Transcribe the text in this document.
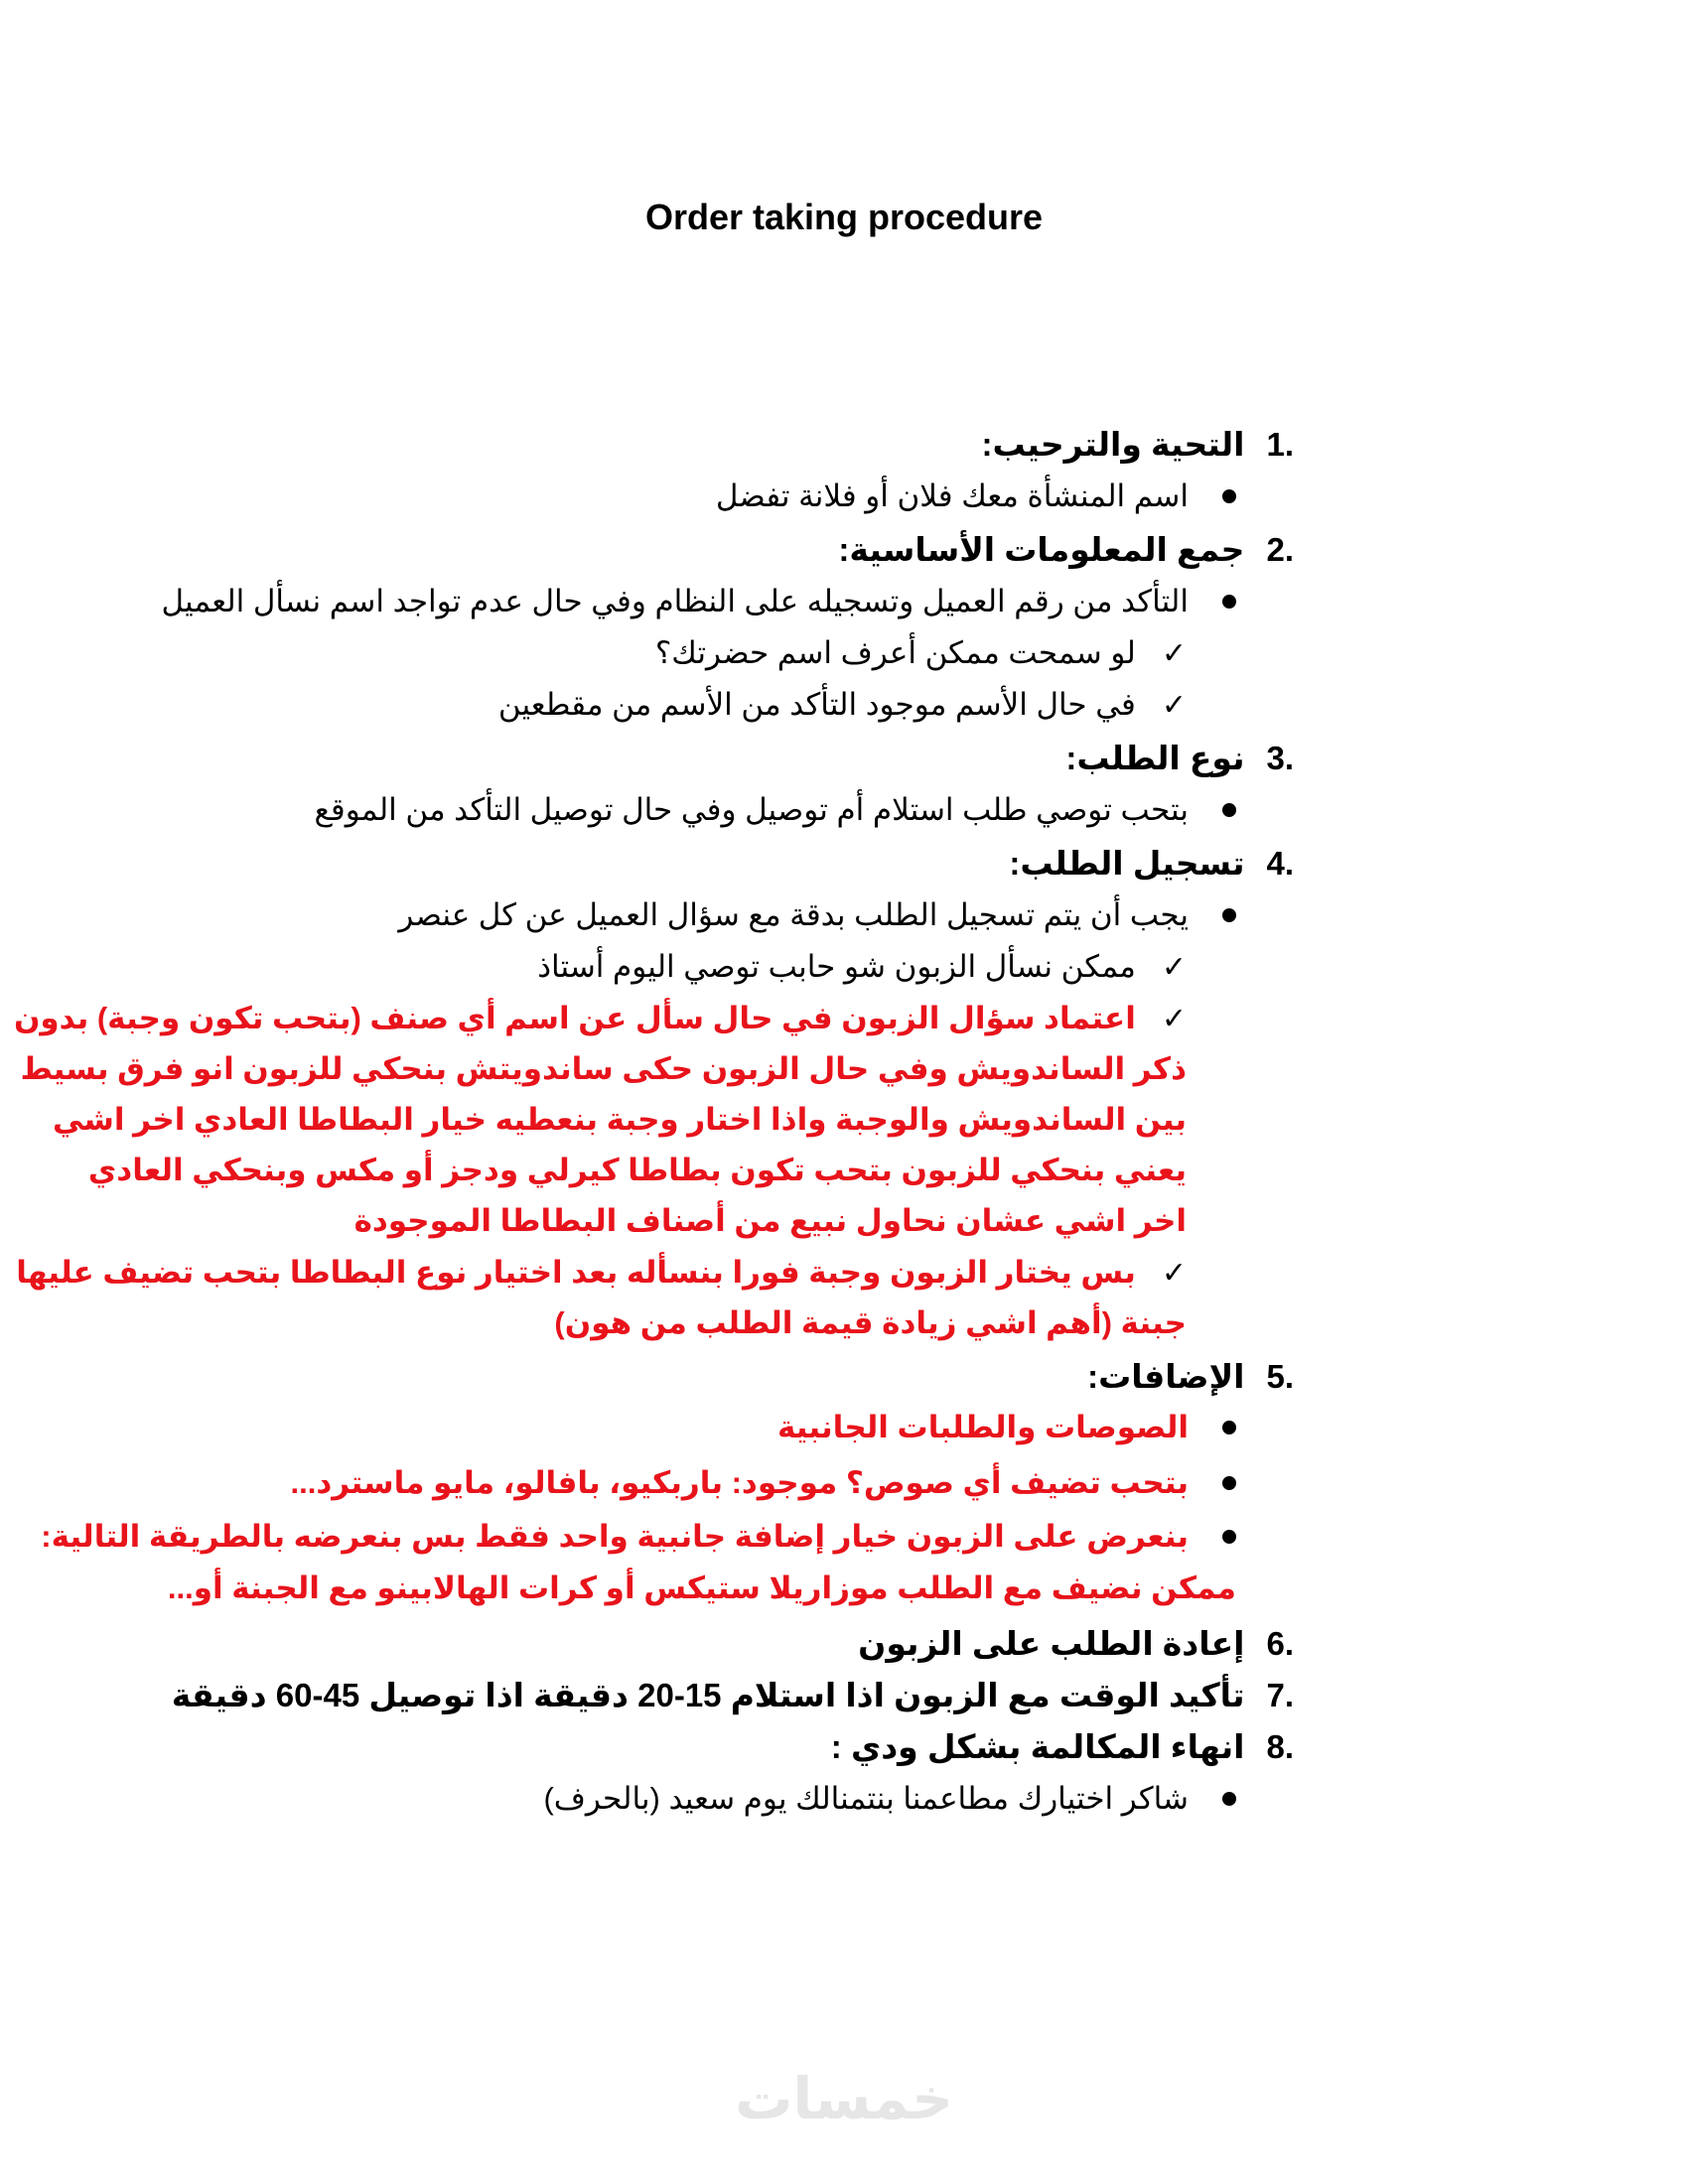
Order taking procedure
1.التحية والترحيب:
اسم المنشأة معك فلان أو فلانة تفضل
2.جمع المعلومات الأساسية:
التأكد من رقم العميل وتسجيله على النظام وفي حال عدم تواجد اسم نسأل العميل
✓لو سمحت ممكن أعرف اسم حضرتك؟
✓في حال الأسم موجود التأكد من الأسم من مقطعين
3.نوع الطلب:
بتحب توصي طلب استلام أم توصيل وفي حال توصيل التأكد من الموقع
4.تسجيل الطلب:
يجب أن يتم تسجيل الطلب بدقة مع سؤال العميل عن كل عنصر
✓ممكن نسأل الزبون شو حابب توصي اليوم أستاذ
✓اعتماد سؤال الزبون في حال سأل عن اسم أي صنف (بتحب تكون وجبة) بدون
ذكر الساندويش وفي حال الزبون حكى ساندويتش بنحكي للزبون انو فرق بسيط
بين الساندويش والوجبة واذا اختار وجبة بنعطيه خيار البطاطا العادي اخر اشي
يعني بنحكي للزبون بتحب تكون بطاطا كيرلي ودجز أو مكس وبنحكي العادي
اخر اشي عشان نحاول نبيع من أصناف البطاطا الموجودة
✓بس يختار الزبون وجبة فورا بنسأله بعد اختيار نوع البطاطا بتحب تضيف عليها
جبنة (أهم اشي زيادة قيمة الطلب من هون)
5.الإضافات:
الصوصات والطلبات الجانبية
بتحب تضيف أي صوص؟ موجود: باربكيو، بافالو، مايو ماسترد...
بنعرض على الزبون خيار إضافة جانبية واحد فقط بس بنعرضه بالطريقة التالية:
ممكن نضيف مع الطلب موزاريلا ستيكس أو كرات الهالابينو مع الجبنة أو...
6.إعادة الطلب على الزبون
7.تأكيد الوقت مع الزبون اذا استلام 15-20 دقيقة اذا توصيل 45-60 دقيقة
8.انهاء المكالمة بشكل ودي :
شاكر اختيارك مطاعمنا بنتمنالك يوم سعيد (بالحرف)
خمسات
